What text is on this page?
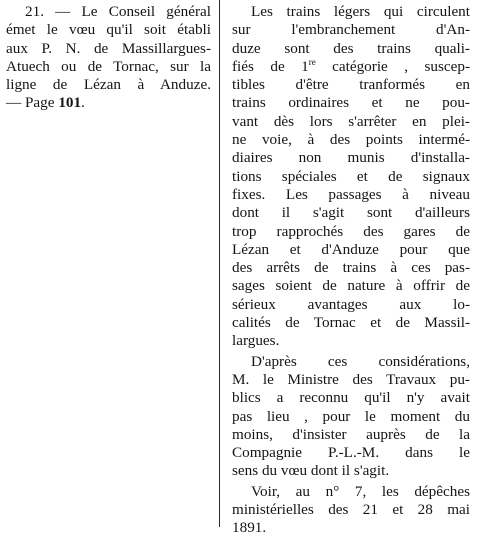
21. — Le Conseil général
émet le vœu qu'il soit établi
aux P. N. de Massillargues-
Atuech ou de Tornac, sur la
ligne de Lézan à Anduze.
— Page 101.
Les trains légers qui circulent
sur l'embranchement d'An-
duze sont des trains quali-
fiés de 1re catégorie , suscep-
tibles d'être tranformés en
trains ordinaires et ne pou-
vant dès lors s'arrêter en plei-
ne voie, à des points intermé-
diaires non munis d'installa-
tions spéciales et de signaux
fixes. Les passages à niveau
dont il s'agit sont d'ailleurs
trop rapprochés des gares de
Lézan et d'Anduze pour que
des arrêts de trains à ces pas-
sages soient de nature à offrir de
sérieux avantages aux lo-
calités de Tornac et de Massil-
largues.
D'après ces considérations,
M. le Ministre des Travaux pu-
blics a reconnu qu'il n'y avait
pas lieu , pour le moment du
moins, d'insister auprès de la
Compagnie P.-L.-M. dans le
sens du vœu dont il s'agit.
Voir, au n° 7, les dépêches
ministérielles des 21 et 28 mai
1891.
